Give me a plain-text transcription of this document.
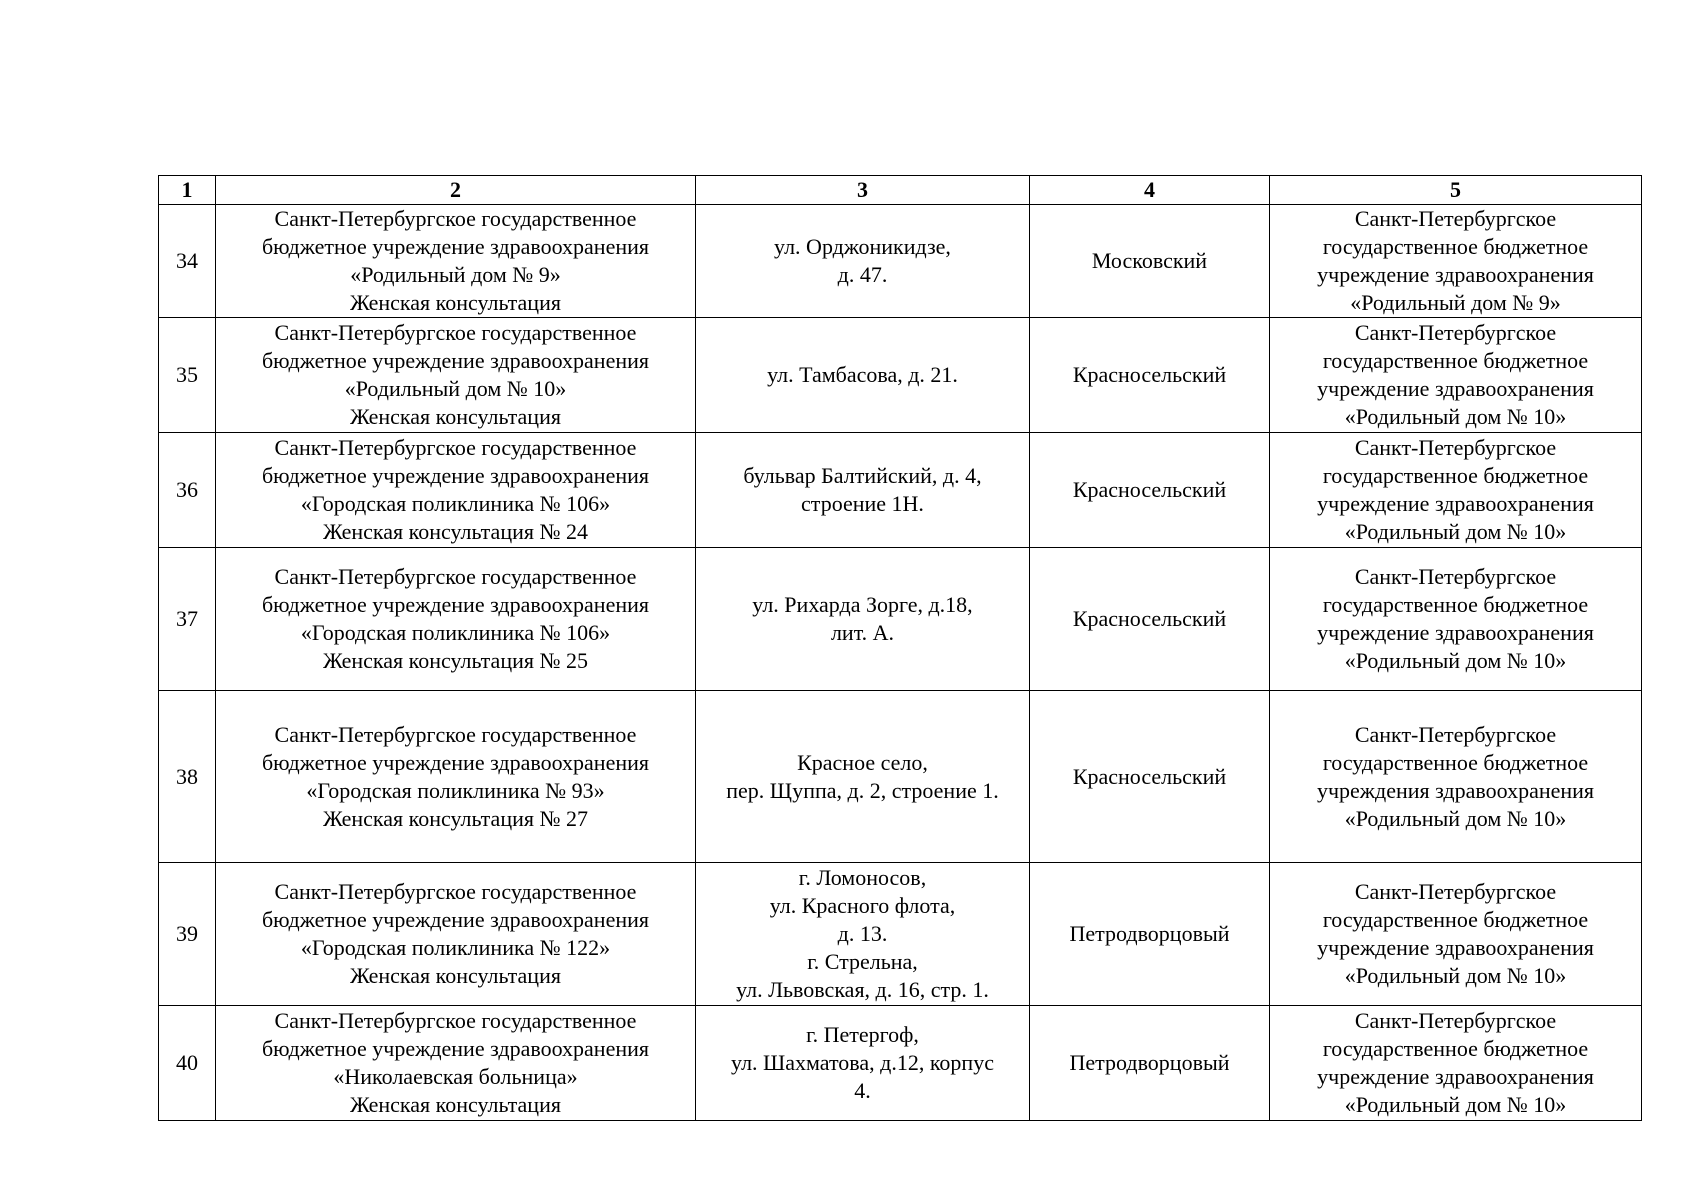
1	2	3	4	5
34	Санкт-Петербургское государственное
бюджетное учреждение здравоохранения
«Родильный дом № 9»
Женская консультация	ул. Орджоникидзе,
д. 47.	Московский	Санкт-Петербургское
государственное бюджетное
учреждение здравоохранения
«Родильный дом № 9»
35	Санкт-Петербургское государственное
бюджетное учреждение здравоохранения
«Родильный дом № 10»
Женская консультация	ул. Тамбасова, д. 21.	Красносельский	Санкт-Петербургское
государственное бюджетное
учреждение здравоохранения
«Родильный дом № 10»
36	Санкт-Петербургское государственное
бюджетное учреждение здравоохранения
«Городская поликлиника № 106»
Женская консультация № 24	бульвар Балтийский, д. 4,
строение 1Н.	Красносельский	Санкт-Петербургское
государственное бюджетное
учреждение здравоохранения
«Родильный дом № 10»
37	Санкт-Петербургское государственное
бюджетное учреждение здравоохранения
«Городская поликлиника № 106»
Женская консультация № 25	ул. Рихарда Зорге, д.18,
лит. А.	Красносельский	Санкт-Петербургское
государственное бюджетное
учреждение здравоохранения
«Родильный дом № 10»
38	Санкт-Петербургское государственное
бюджетное учреждение здравоохранения
«Городская поликлиника № 93»
Женская консультация № 27	Красное село,
пер. Щуппа, д. 2, строение 1.	Красносельский	Санкт-Петербургское
государственное бюджетное
учреждения здравоохранения
«Родильный дом № 10»
39	Санкт-Петербургское государственное
бюджетное учреждение здравоохранения
«Городская поликлиника № 122»
Женская консультация	г. Ломоносов,
ул. Красного флота,
д. 13.
г. Стрельна,
ул. Львовская, д. 16, стр. 1.	Петродворцовый	Санкт-Петербургское
государственное бюджетное
учреждение здравоохранения
«Родильный дом № 10»
40	Санкт-Петербургское государственное
бюджетное учреждение здравоохранения
«Николаевская больница»
Женская консультация	г. Петергоф,
ул. Шахматова, д.12, корпус
4.	Петродворцовый	Санкт-Петербургское
государственное бюджетное
учреждение здравоохранения
«Родильный дом № 10»
